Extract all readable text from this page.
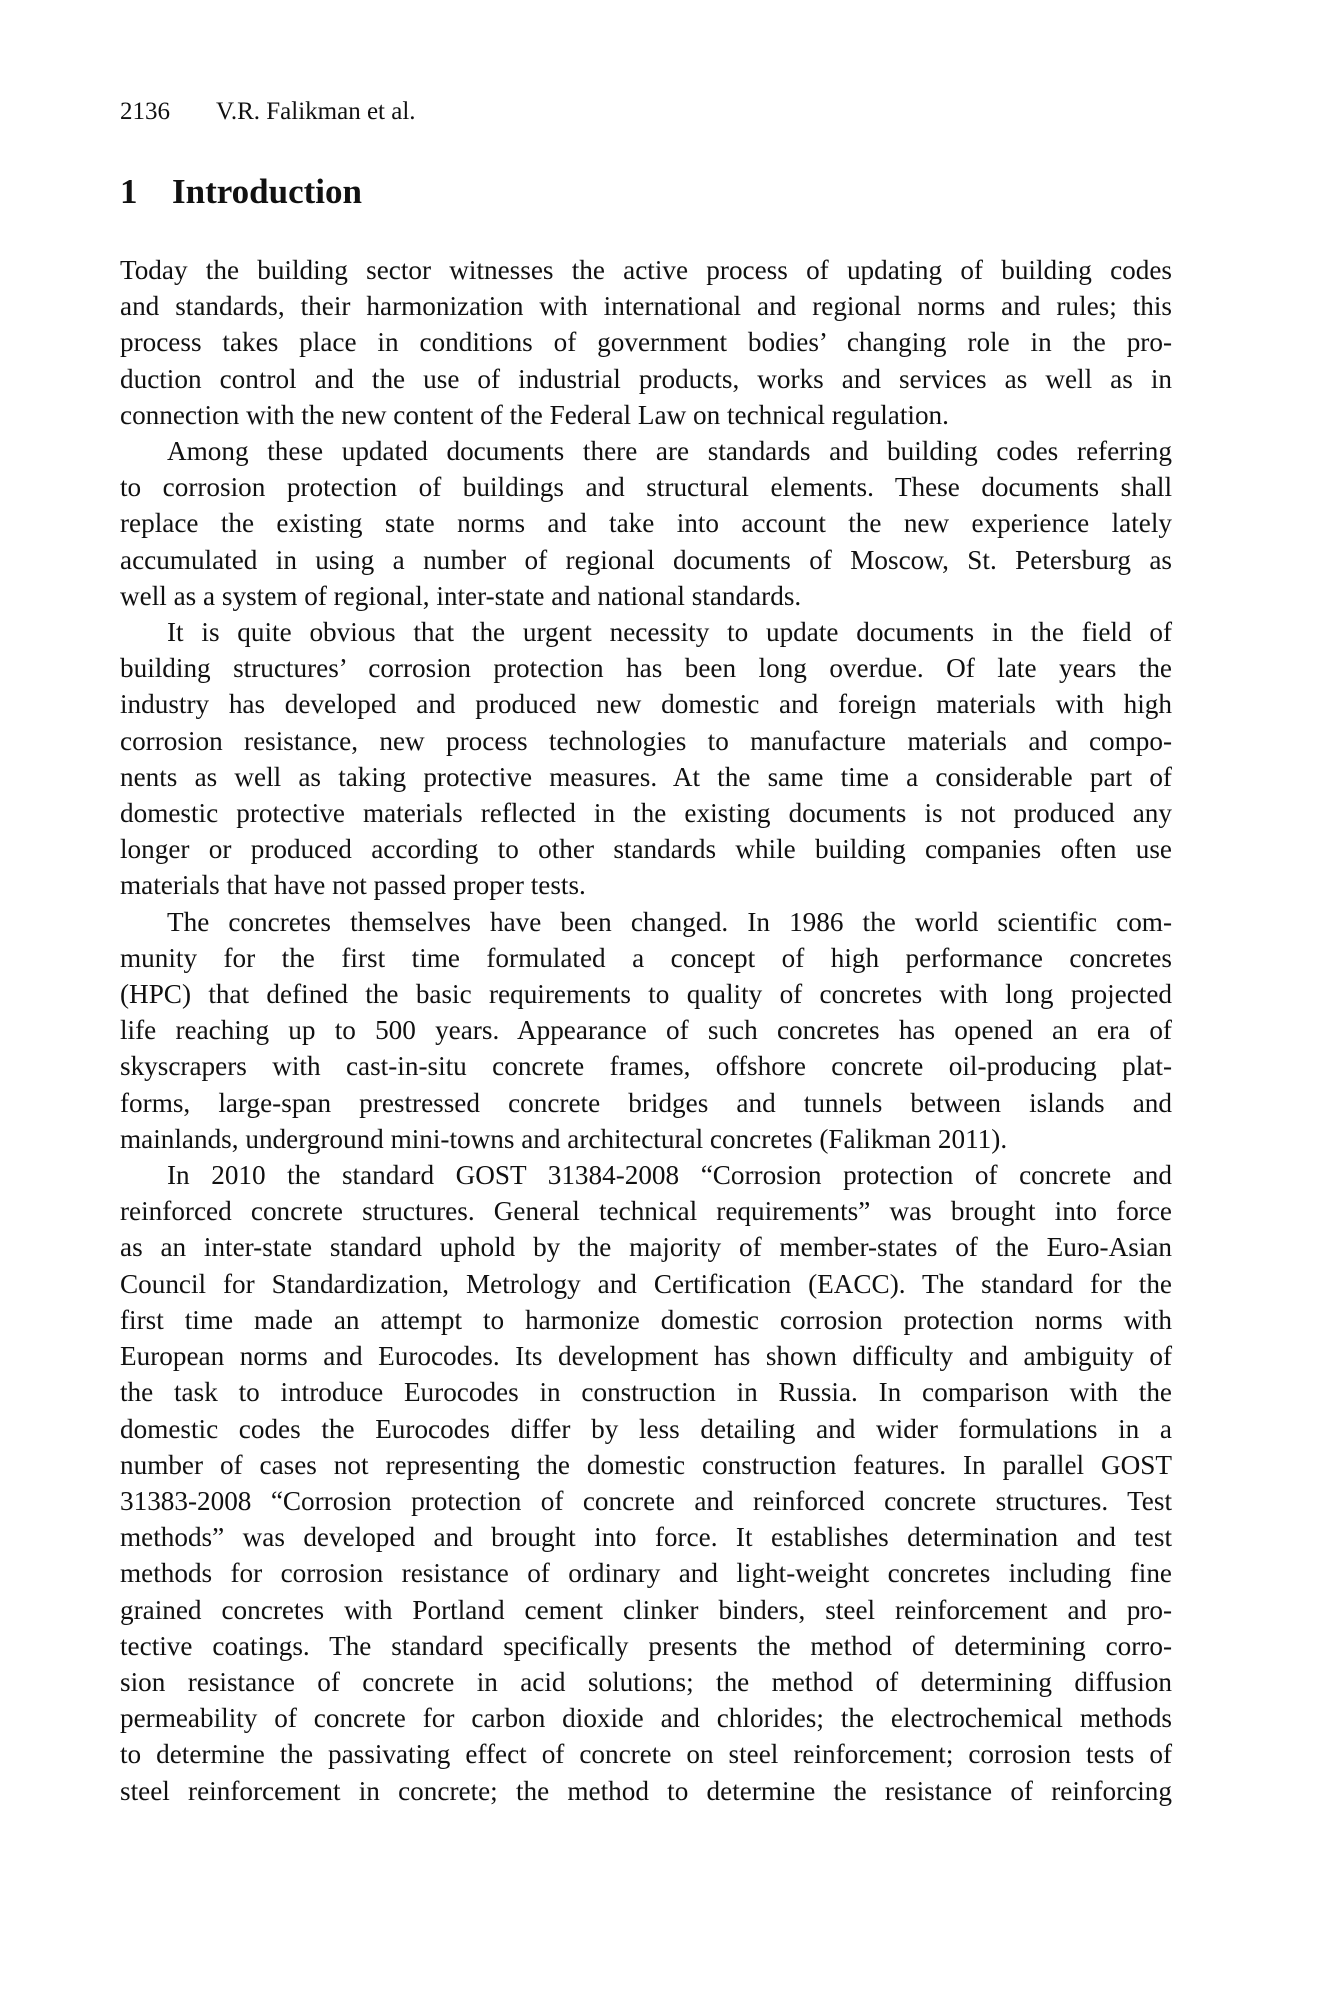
2136 V.R. Falikman et al.
1 Introduction
Today the building sector witnesses the active process of updating of building codes
and standards, their harmonization with international and regional norms and rules; this
process takes place in conditions of government bodies’ changing role in the pro-
duction control and the use of industrial products, works and services as well as in
connection with the new content of the Federal Law on technical regulation.
Among these updated documents there are standards and building codes referring
to corrosion protection of buildings and structural elements. These documents shall
replace the existing state norms and take into account the new experience lately
accumulated in using a number of regional documents of Moscow, St. Petersburg as
well as a system of regional, inter-state and national standards.
It is quite obvious that the urgent necessity to update documents in the field of
building structures’ corrosion protection has been long overdue. Of late years the
industry has developed and produced new domestic and foreign materials with high
corrosion resistance, new process technologies to manufacture materials and compo-
nents as well as taking protective measures. At the same time a considerable part of
domestic protective materials reflected in the existing documents is not produced any
longer or produced according to other standards while building companies often use
materials that have not passed proper tests.
The concretes themselves have been changed. In 1986 the world scientific com-
munity for the first time formulated a concept of high performance concretes
(HPC) that defined the basic requirements to quality of concretes with long projected
life reaching up to 500 years. Appearance of such concretes has opened an era of
skyscrapers with cast-in-situ concrete frames, offshore concrete oil-producing plat-
forms, large-span prestressed concrete bridges and tunnels between islands and
mainlands, underground mini-towns and architectural concretes (Falikman 2011).
In 2010 the standard GOST 31384-2008 “Corrosion protection of concrete and
reinforced concrete structures. General technical requirements” was brought into force
as an inter-state standard uphold by the majority of member-states of the Euro-Asian
Council for Standardization, Metrology and Certification (EACC). The standard for the
first time made an attempt to harmonize domestic corrosion protection norms with
European norms and Eurocodes. Its development has shown difficulty and ambiguity of
the task to introduce Eurocodes in construction in Russia. In comparison with the
domestic codes the Eurocodes differ by less detailing and wider formulations in a
number of cases not representing the domestic construction features. In parallel GOST
31383-2008 “Corrosion protection of concrete and reinforced concrete structures. Test
methods” was developed and brought into force. It establishes determination and test
methods for corrosion resistance of ordinary and light-weight concretes including fine
grained concretes with Portland cement clinker binders, steel reinforcement and pro-
tective coatings. The standard specifically presents the method of determining corro-
sion resistance of concrete in acid solutions; the method of determining diffusion
permeability of concrete for carbon dioxide and chlorides; the electrochemical methods
to determine the passivating effect of concrete on steel reinforcement; corrosion tests of
steel reinforcement in concrete; the method to determine the resistance of reinforcing
